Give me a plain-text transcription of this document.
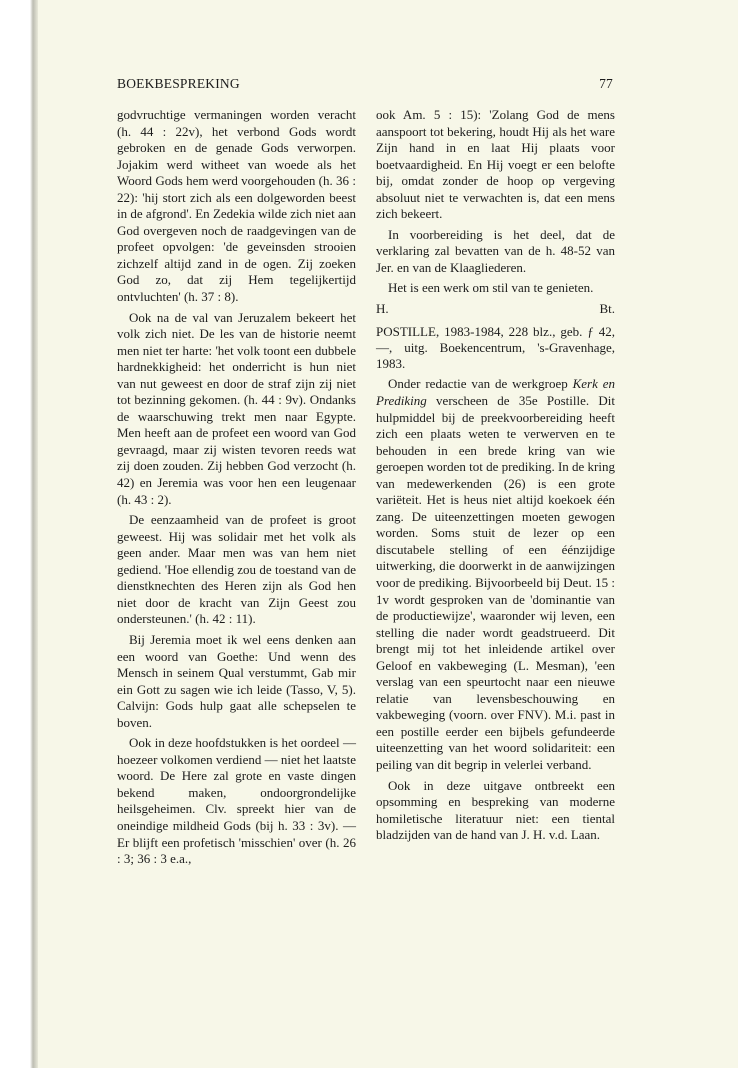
BOEKBESPREKING	77

godvruchtige vermaningen worden veracht (h. 44 : 22v), het verbond Gods wordt gebroken en de genade Gods verworpen. Jojakim werd witheet van woede als het Woord Gods hem werd voorgehouden (h. 36 : 22): 'hij stort zich als een dolgeworden beest in de afgrond'. En Zedekia wilde zich niet aan God overgeven noch de raadgevingen van de profeet opvolgen: 'de geveinsden strooien zichzelf altijd zand in de ogen. Zij zoeken God zo, dat zij Hem tegelijkertijd ontvluchten' (h. 37 : 8).

Ook na de val van Jeruzalem bekeert het volk zich niet. De les van de historie neemt men niet ter harte: 'het volk toont een dubbele hardnekkigheid: het onderricht is hun niet van nut geweest en door de straf zijn zij niet tot bezinning gekomen. (h. 44 : 9v). Ondanks de waarschuwing trekt men naar Egypte. Men heeft aan de profeet een woord van God gevraagd, maar zij wisten tevoren reeds wat zij doen zouden. Zij hebben God verzocht (h. 42) en Jeremia was voor hen een leugenaar (h. 43 : 2).

De eenzaamheid van de profeet is groot geweest. Hij was solidair met het volk als geen ander. Maar men was van hem niet gediend. 'Hoe ellendig zou de toestand van de dienstknechten des Heren zijn als God hen niet door de kracht van Zijn Geest zou ondersteunen.' (h. 42 : 11).

Bij Jeremia moet ik wel eens denken aan een woord van Goethe: Und wenn des Mensch in seinem Qual verstummt, Gab mir ein Gott zu sagen wie ich leide (Tasso, V, 5). Calvijn: Gods hulp gaat alle schepselen te boven.

Ook in deze hoofdstukken is het oordeel — hoezeer volkomen verdiend — niet het laatste woord. De Here zal grote en vaste dingen bekend maken, ondoorgrondelijke heilsgeheimen. Clv. spreekt hier van de oneindige mildheid Gods (bij h. 33 : 3v). — Er blijft een profetisch 'misschien' over (h. 26 : 3; 36 : 3 e.a.,

ook Am. 5 : 15): 'Zolang God de mens aanspoort tot bekering, houdt Hij als het ware Zijn hand in en laat Hij plaats voor boetvaardigheid. En Hij voegt er een belofte bij, omdat zonder de hoop op vergeving absoluut niet te verwachten is, dat een mens zich bekeert.

In voorbereiding is het deel, dat de verklaring zal bevatten van de h. 48-52 van Jer. en van de Klaagliederen.

Het is een werk om stil van te genieten.

H.	Bt.

POSTILLE, 1983-1984, 228 blz., geb. ƒ 42,—, uitg. Boekencentrum, 's-Gravenhage, 1983.

Onder redactie van de werkgroep Kerk en Prediking verscheen de 35e Postille. Dit hulpmiddel bij de preekvoorbereiding heeft zich een plaats weten te verwerven en te behouden in een brede kring van wie geroepen worden tot de prediking. In de kring van medewerkenden (26) is een grote variëteit. Het is heus niet altijd koekoek één zang. De uiteenzettingen moeten gewogen worden. Soms stuit de lezer op een discutabele stelling of een éénzijdige uitwerking, die doorwerkt in de aanwijzingen voor de prediking. Bijvoorbeeld bij Deut. 15 : 1v wordt gesproken van de 'dominantie van de productiewijze', waaronder wij leven, een stelling die nader wordt geadstrueerd. Dit brengt mij tot het inleidende artikel over Geloof en vakbeweging (L. Mesman), 'een verslag van een speurtocht naar een nieuwe relatie van levensbeschouwing en vakbeweging (voorn. over FNV). M.i. past in een postille eerder een bijbels gefundeerde uiteenzetting van het woord solidariteit: een peiling van dit begrip in velerlei verband.

Ook in deze uitgave ontbreekt een opsomming en bespreking van moderne homiletische literatuur niet: een tiental bladzijden van de hand van J. H. v.d. Laan.
